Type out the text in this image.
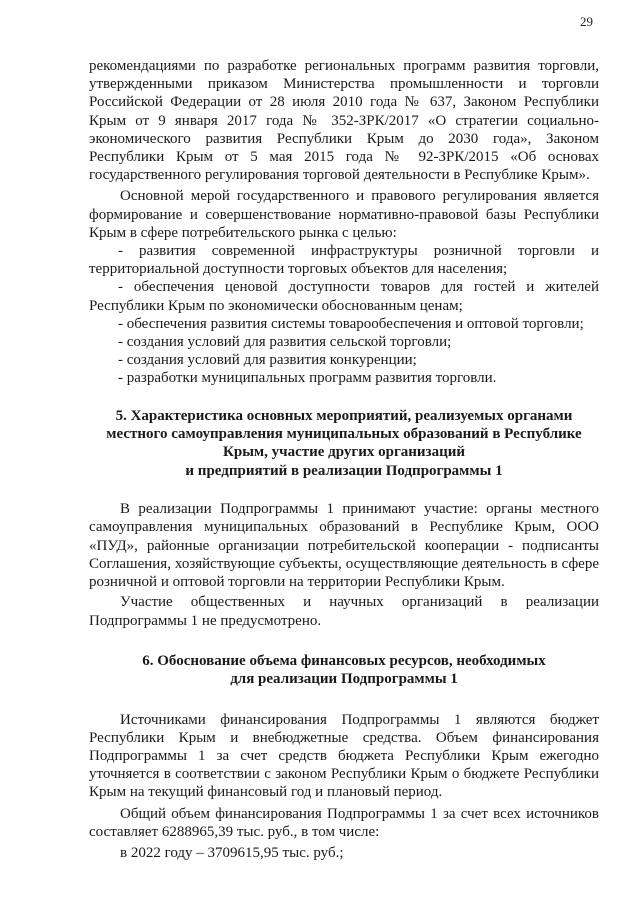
29

рекомендациями по разработке региональных программ развития торговли, утвержденными приказом Министерства промышленности и торговли Российской Федерации от 28 июля 2010 года № 637, Законом Республики Крым от 9 января 2017 года № 352-ЗРК/2017 «О стратегии социально-экономического развития Республики Крым до 2030 года», Законом Республики Крым от 5 мая 2015 года № 92-ЗРК/2015 «Об основах государственного регулирования торговой деятельности в Республике Крым».

Основной мерой государственного и правового регулирования является формирование и совершенствование нормативно-правовой базы Республики Крым в сфере потребительского рынка с целью:

- развития современной инфраструктуры розничной торговли и территориальной доступности торговых объектов для населения;

- обеспечения ценовой доступности товаров для гостей и жителей Республики Крым по экономически обоснованным ценам;

- обеспечения развития системы товарообеспечения и оптовой торговли;

- создания условий для развития сельской торговли;

- создания условий для развития конкуренции;

- разработки муниципальных программ развития торговли.

5. Характеристика основных мероприятий, реализуемых органами
местного самоуправления муниципальных образований в Республике
Крым, участие других организаций
и предприятий в реализации Подпрограммы 1

В реализации Подпрограммы 1 принимают участие: органы местного самоуправления муниципальных образований в Республике Крым, ООО «ПУД», районные организации потребительской кооперации - подписанты Соглашения, хозяйствующие субъекты, осуществляющие деятельность в сфере розничной и оптовой торговли на территории Республики Крым.

Участие общественных и научных организаций в реализации Подпрограммы 1 не предусмотрено.

6. Обоснование объема финансовых ресурсов, необходимых
для реализации Подпрограммы 1

Источниками финансирования Подпрограммы 1 являются бюджет Республики Крым и внебюджетные средства. Объем финансирования Подпрограммы 1 за счет средств бюджета Республики Крым ежегодно уточняется в соответствии с законом Республики Крым о бюджете Республики Крым на текущий финансовый год и плановый период.

Общий объем финансирования Подпрограммы 1 за счет всех источников составляет 6288965,39 тыс. руб., в том числе:

в 2022 году – 3709615,95 тыс. руб.;
